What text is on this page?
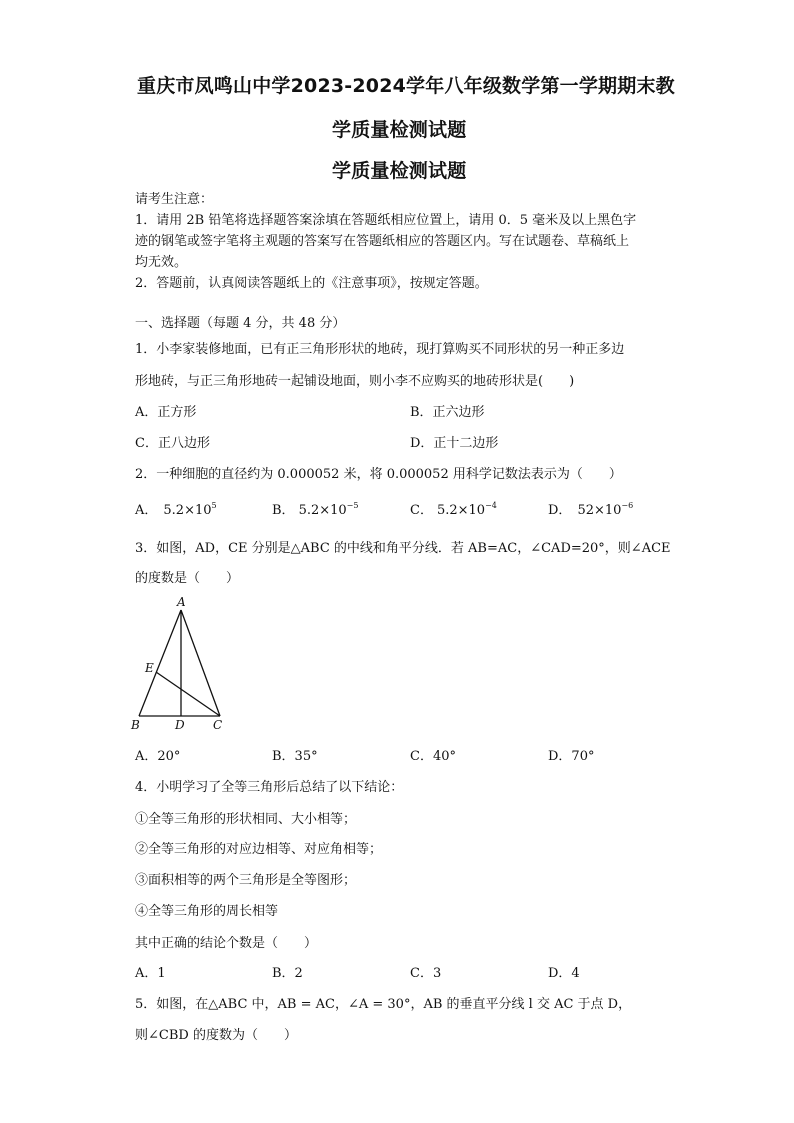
重庆市凤鸣山中学2023-2024学年八年级数学第一学期期末教
学质量检测试题
学质量检测试题
请考生注意：
1．请用 2B 铅笔将选择题答案涂填在答题纸相应位置上，请用 0．5 毫米及以上黑色字
迹的钢笔或签字笔将主观题的答案写在答题纸相应的答题区内。写在试题卷、草稿纸上
均无效。
2．答题前，认真阅读答题纸上的《注意事项》，按规定答题。
一、选择题（每题 4 分，共 48 分）
1．小李家装修地面，已有正三角形形状的地砖，现打算购买不同形状的另一种正多边
形地砖，与正三角形地砖一起铺设地面，则小李不应购买的地砖形状是(　　)
A．正方形	B．正六边形
C．正八边形	D．正十二边形
2．一种细胞的直径约为 0.000052 米，将 0.000052 用科学记数法表示为（　　）
A． $5.2\times 10^5$	B． $5.2\times 10^{-5}$	C． $5.2\times 10^{-4}$	D． $52\times 10^{-6}$
3．如图，AD，CE 分别是△ABC 的中线和角平分线．若 AB=AC，∠CAD=20°，则∠ACE
的度数是（　　）
A
B	C
D
E
A．20°	B．35°	C．40°	D．70°
4．小明学习了全等三角形后总结了以下结论：
①全等三角形的形状相同、大小相等；
②全等三角形的对应边相等、对应角相等；
③面积相等的两个三角形是全等图形；
④全等三角形的周长相等
其中正确的结论个数是（　　）
A．1	B．2	C．3	D．4
5．如图，在△ABC 中，AB = AC，∠A = 30°，AB 的垂直平分线 l 交 AC 于点 D，
则∠CBD 的度数为（　　）
